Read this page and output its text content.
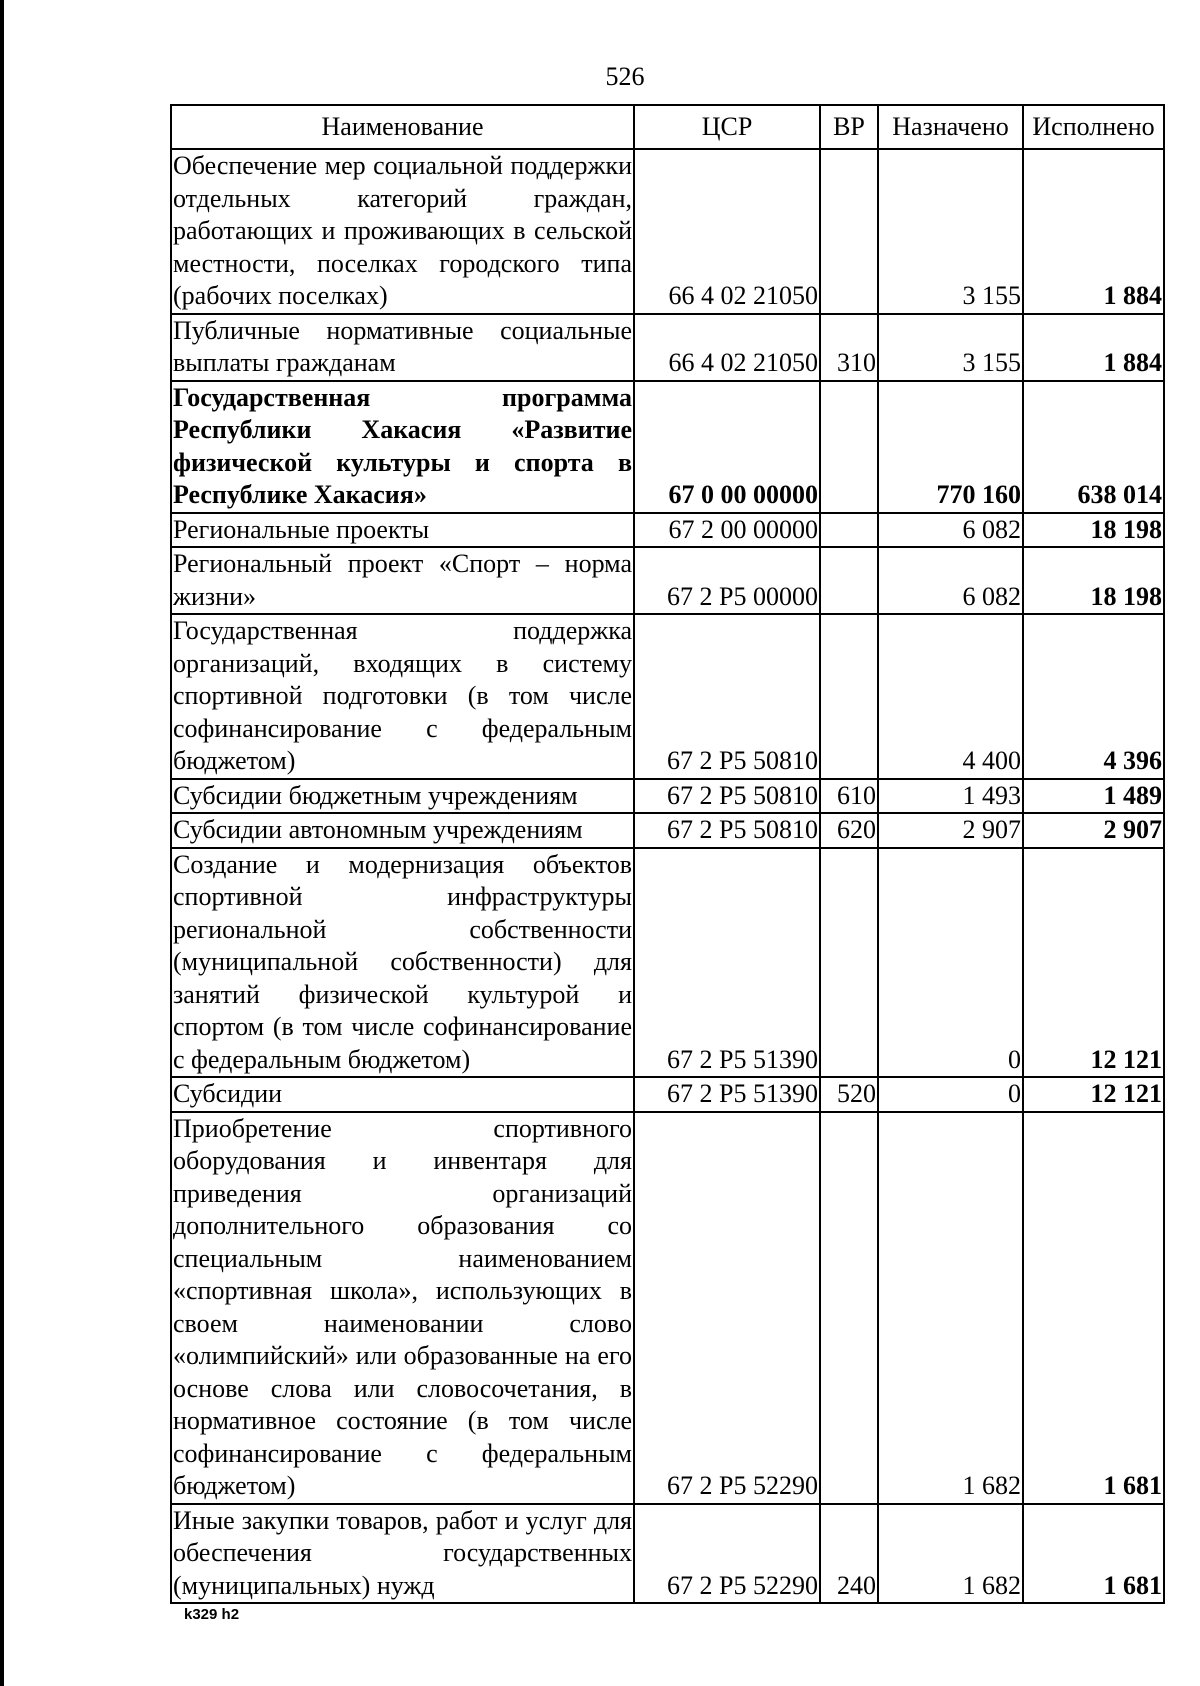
526
Наименование	ЦСР	ВР	Назначено	Исполнено
Обеспечение мер социальной поддержки отдельных категорий граждан, работающих и проживающих в сельской местности, поселках городского типа (рабочих поселках)	66 4 02 21050		3 155	1 884
Публичные нормативные социальные выплаты гражданам	66 4 02 21050	310	3 155	1 884
Государственная программа Республики Хакасия «Развитие физической культуры и спорта в Республике Хакасия»	67 0 00 00000		770 160	638 014
Региональные проекты	67 2 00 00000		6 082	18 198
Региональный проект «Спорт – норма жизни»	67 2 P5 00000		6 082	18 198
Государственная поддержка организаций, входящих в систему спортивной подготовки (в том числе софинансирование с федеральным бюджетом)	67 2 P5 50810		4 400	4 396
Субсидии бюджетным учреждениям	67 2 P5 50810	610	1 493	1 489
Субсидии автономным учреждениям	67 2 P5 50810	620	2 907	2 907
Создание и модернизация объектов спортивной инфраструктуры региональной собственности (муниципальной собственности) для занятий физической культурой и спортом (в том числе софинансирование с федеральным бюджетом)	67 2 P5 51390		0	12 121
Субсидии	67 2 P5 51390	520	0	12 121
Приобретение спортивного оборудования и инвентаря для приведения организаций дополнительного образования со специальным наименованием «спортивная школа», использующих в своем наименовании слово «олимпийский» или образованные на его основе слова или словосочетания, в нормативное состояние (в том числе софинансирование с федеральным бюджетом)	67 2 P5 52290		1 682	1 681
Иные закупки товаров, работ и услуг для обеспечения государственных (муниципальных) нужд	67 2 P5 52290	240	1 682	1 681
k329 h2
